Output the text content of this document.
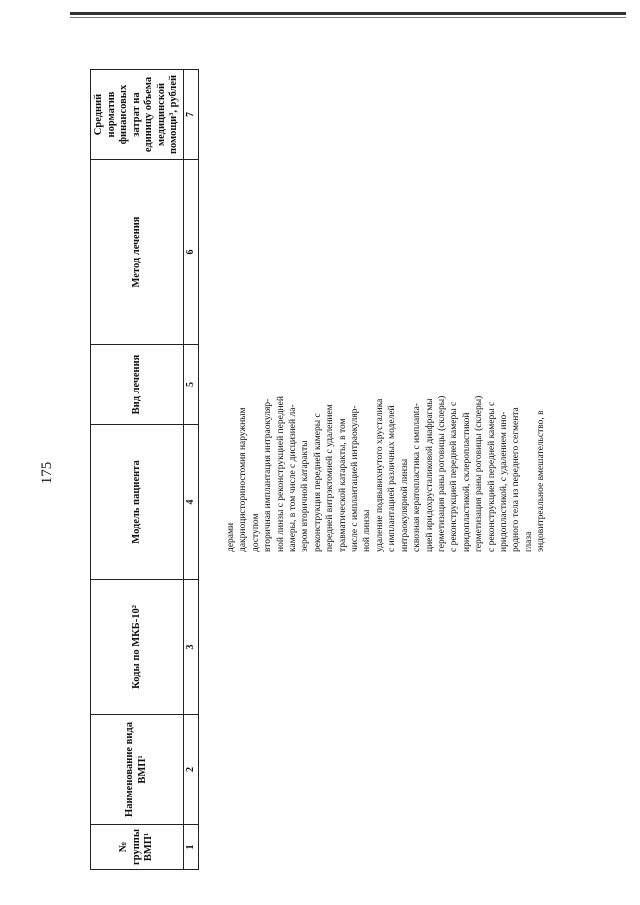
175
№ группы ВМП¹	Наименование вида ВМП¹	Коды по МКБ-10²	Модель пациента	Вид лечения	Метод лечения	Средний норматив финансовых затрат на единицу объема медицинской помощи³, рублей
1	2	3	4	5	6	7
дерами дакриоцисториностомия наружным доступом вторичная имплантация интраокуляр- ной линзы с реконструкцией передней камеры, в том числе с дисцизией ла- зером вторичной катаракты реконструкция передней камеры с передней витрэктомией с удалением травматической катаракты, в том числе с имплантацией интраокуляр- ной линзы удаление подвывихнутого хрусталика с имплантацией различных моделей интраокулярной линзы сквозная кератопластика с имплanta- цией иридохрусталиковой диафрагмы герметизация раны роговицы (склеры) с реконструкцией передней камеры с иридопластикой, склеропластикой герметизация раны роговицы (склеры) с реконструкцией передней камеры с иридопластикой, с удалением ино- родного тела из переднего сегмента глаза эндовитреальное вмешательство, в
